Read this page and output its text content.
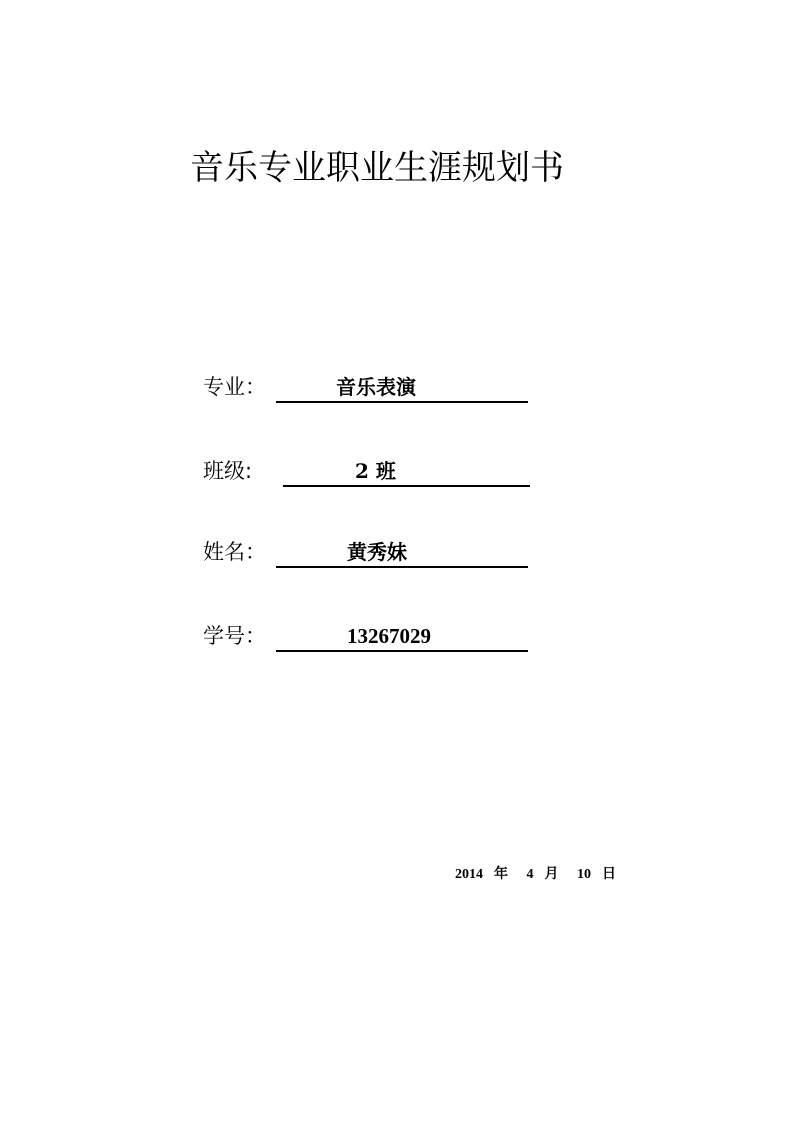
音乐专业职业生涯规划书
专业：	音乐表演
班级:	2 班
姓名：	黄秀妹
学号：	13267029
2014 年 4 月 10 日
